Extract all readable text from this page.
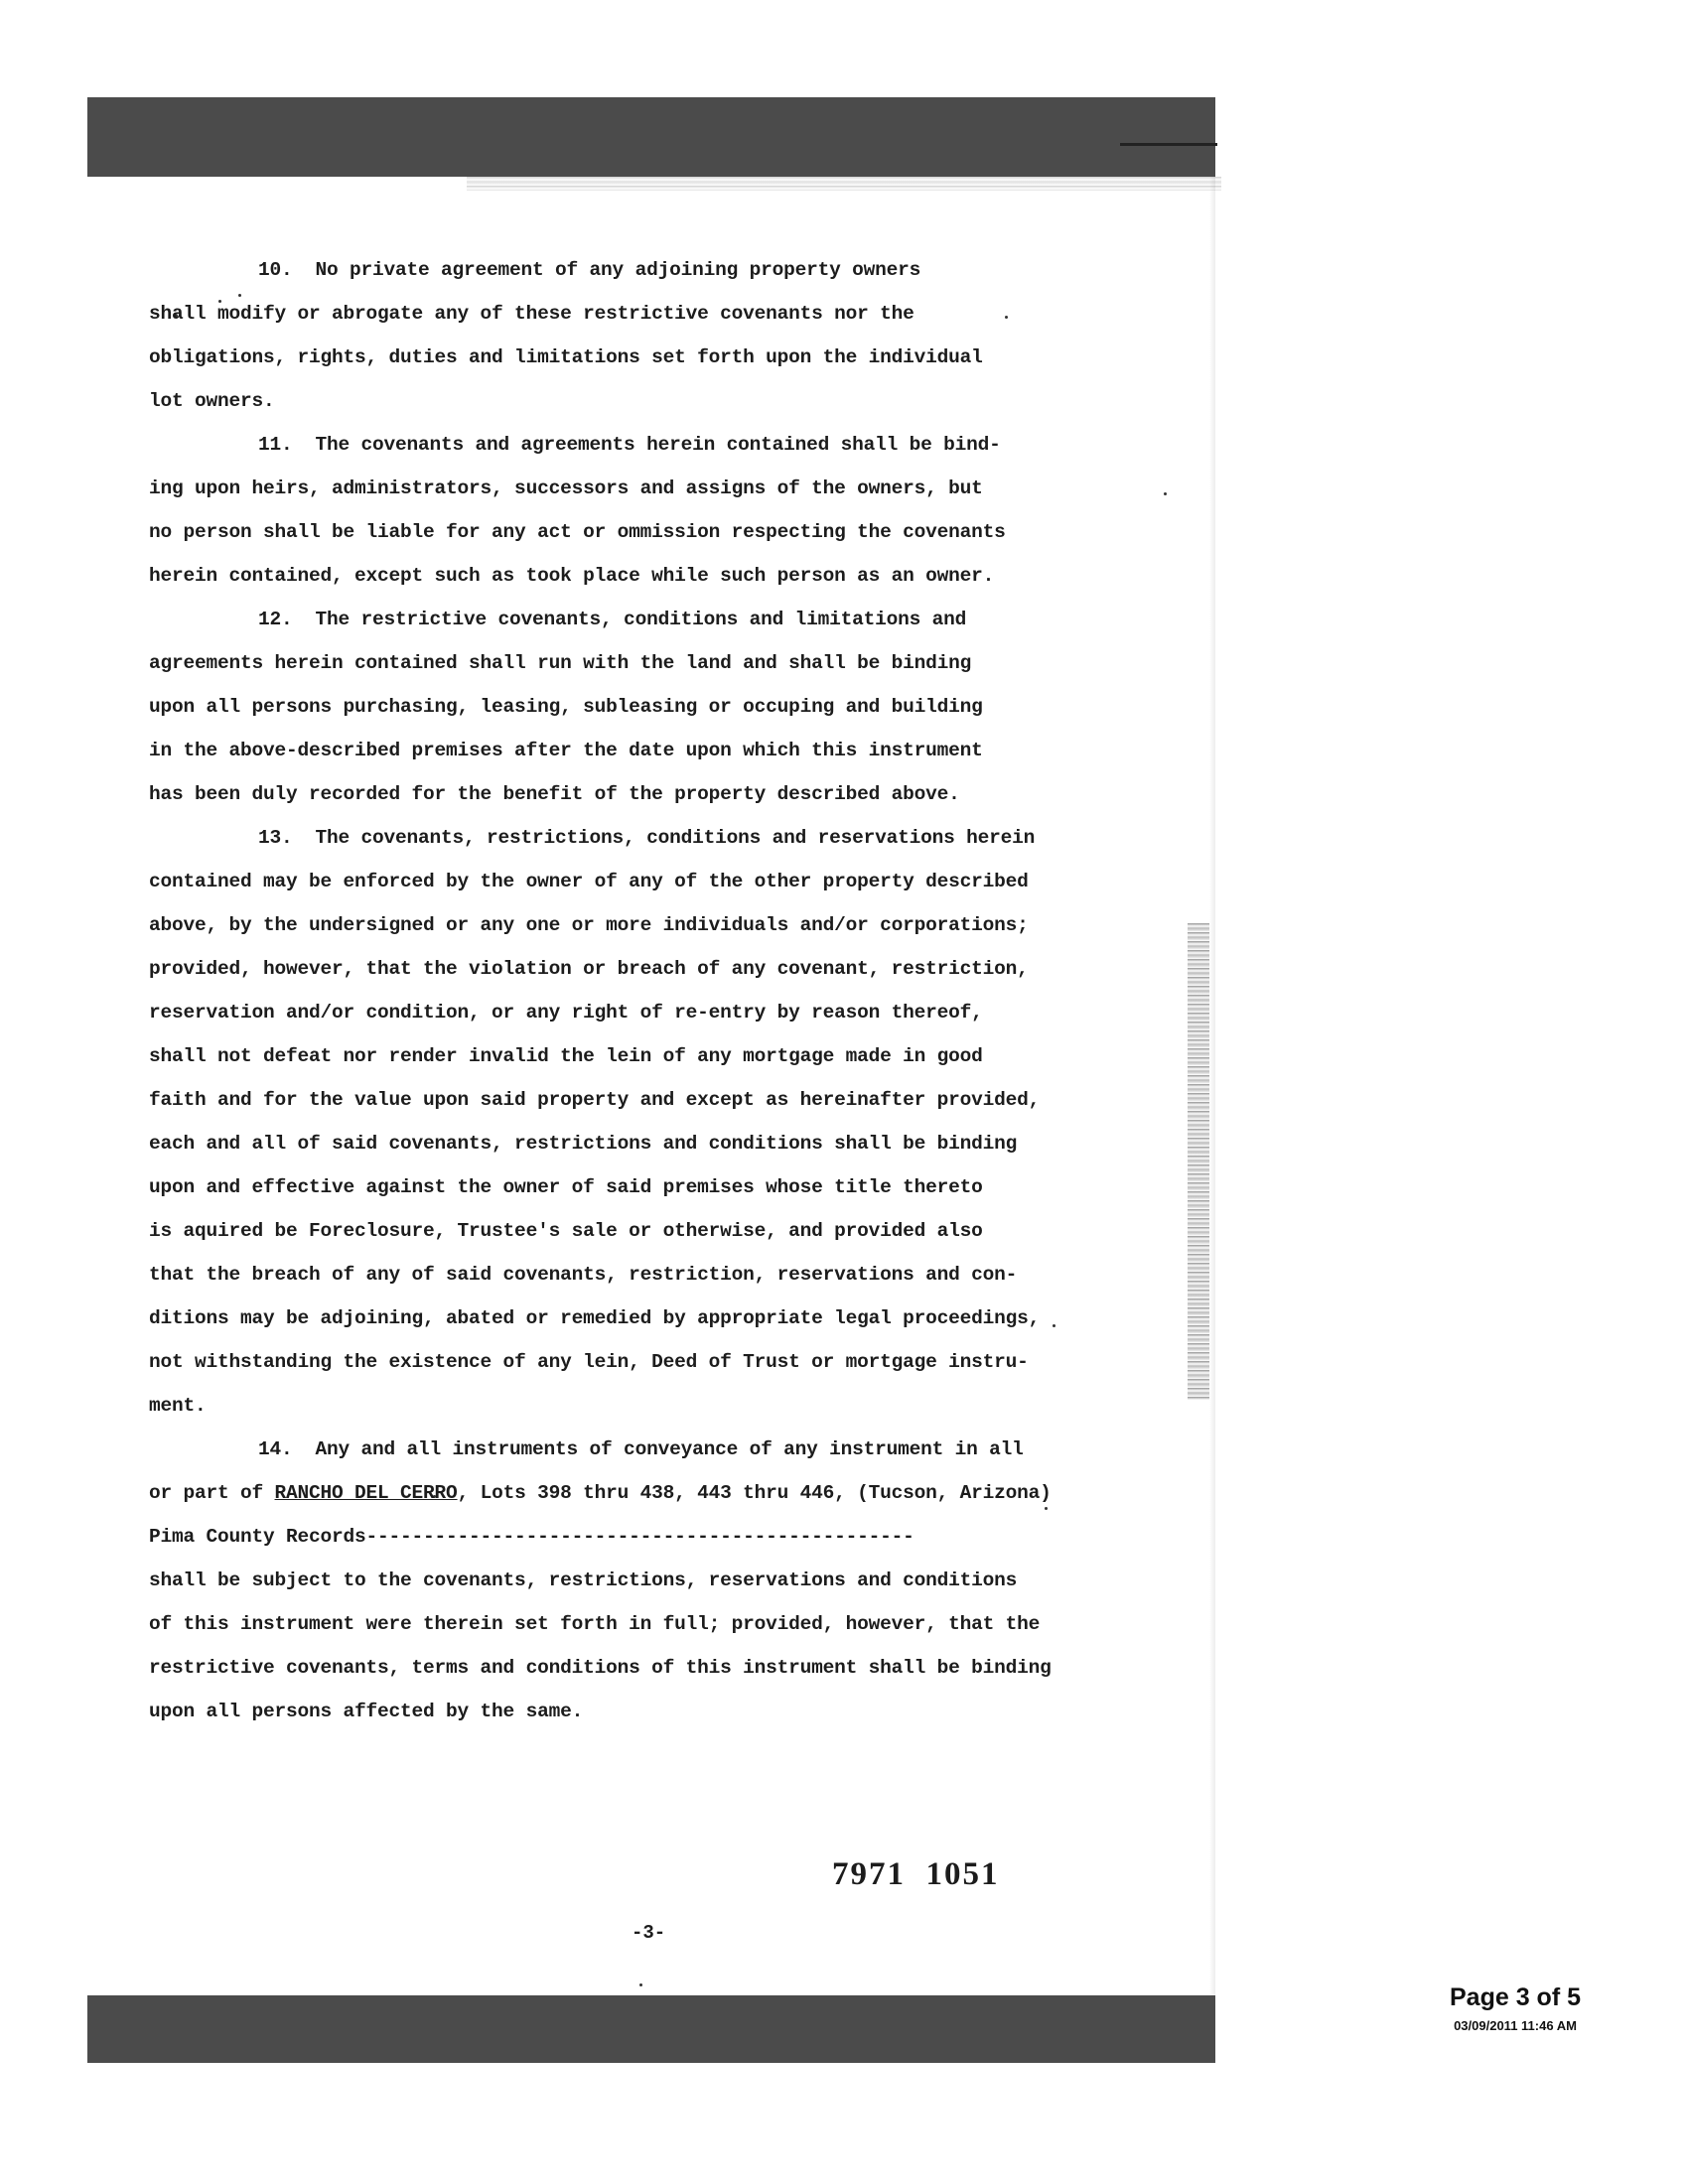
10.  No private agreement of any adjoining property owners

shall modify or abrogate any of these restrictive covenants nor the

obligations, rights, duties and limitations set forth upon the individual

lot owners.

11.  The covenants and agreements herein contained shall be bind-

ing upon heirs, administrators, successors and assigns of the owners, but

no person shall be liable for any act or ommission respecting the covenants

herein contained, except such as took place while such person as an owner.

12.  The restrictive covenants, conditions and limitations and

agreements herein contained shall run with the land and shall be binding

upon all persons purchasing, leasing, subleasing or occuping and building

in the above-described premises after the date upon which this instrument

has been duly recorded for the benefit of the property described above.

13.  The covenants, restrictions, conditions and reservations herein

contained may be enforced by the owner of any of the other property described

above, by the undersigned or any one or more individuals and/or corporations;

provided, however, that the violation or breach of any covenant, restriction,

reservation and/or condition, or any right of re-entry by reason thereof,

shall not defeat nor render invalid the lein of any mortgage made in good

faith and for the value upon said property and except as hereinafter provided,

each and all of said covenants, restrictions and conditions shall be binding

upon and effective against the owner of said premises whose title thereto

is aquired be Foreclosure, Trustee's sale or otherwise, and provided also

that the breach of any of said covenants, restriction, reservations and con-

ditions may be adjoining, abated or remedied by appropriate legal proceedings,

not withstanding the existence of any lein, Deed of Trust or mortgage instru-

ment.

14.  Any and all instruments of conveyance of any instrument in all

or part of RANCHO DEL CERRO, Lots 398 thru 438, 443 thru 446, (Tucson, Arizona)

Pima County Records------------------------------------------------

shall be subject to the covenants, restrictions, reservations and conditions

of this instrument were therein set forth in full; provided, however, that the

restrictive covenants, terms and conditions of this instrument shall be binding

upon all persons affected by the same.

7971  1051
-3-
Page 3 of 5
03/09/2011 11:46 AM
